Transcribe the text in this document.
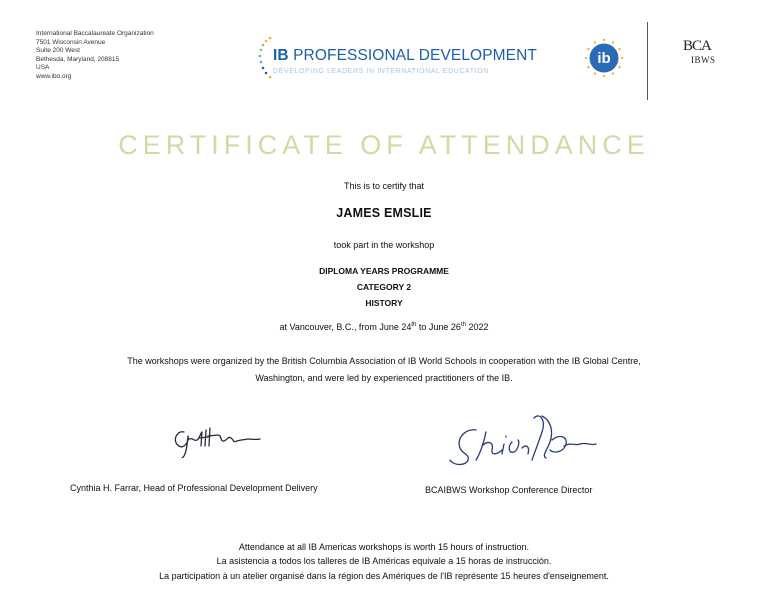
International Baccalaureate Organization
7501 Wisconsin Avenue
Suite 200 West
Bethesda, Maryland, 208815
USA
www.ibo.org
IB PROFESSIONAL DEVELOPMENT
DEVELOPING LEADERS IN INTERNATIONAL EDUCATION
ib
BCA
IBWS
CERTIFICATE OF ATTENDANCE
This is to certify that
JAMES EMSLIE
took part in the workshop
DIPLOMA YEARS PROGRAMME
CATEGORY 2
HISTORY
at Vancouver, B.C., from June 24th to June 26th 2022
The workshops were organized by the British Columbia Association of IB World Schools in cooperation with the IB Global Centre,
Washington, and were led by experienced practitioners of the IB.
Cynthia H. Farrar, Head of Professional Development Delivery	BCAIBWS Workshop Conference Director
Attendance at all IB Americas workshops is worth 15 hours of instruction.
La asistencia a todos los talleres de IB Américas equivale a 15 horas de instrucción.
La participation à un atelier organisé dans la région des Amériques de l'IB représente 15 heures d'enseignement.
